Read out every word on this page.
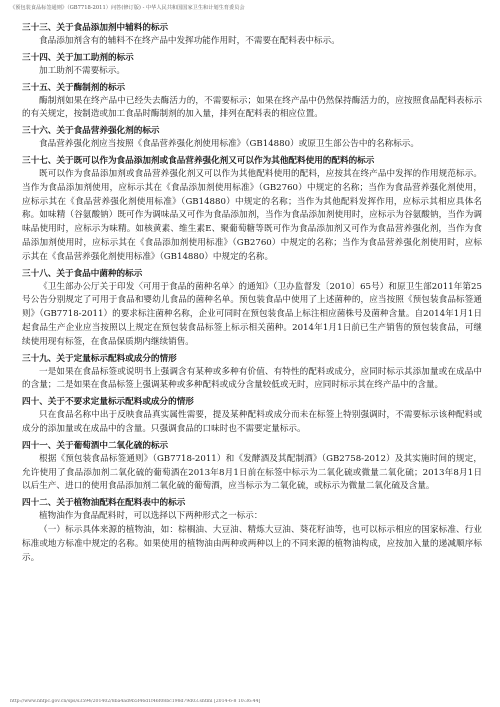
《预包装食品标签通则》（GB7718-2011）问答(修订版) - 中华人民共和国国家卫生和计划生育委员会
三十三、关于食品添加剂中辅料的标示

食品添加剂含有的辅料不在终产品中发挥功能作用时，不需要在配料表中标示。

三十四、关于加工助剂的标示

加工助剂不需要标示。

三十五、关于酶制剂的标示

酶制剂如果在终产品中已经失去酶活力的，不需要标示；如果在终产品中仍然保持酶活力的，应按照食品配料表标示的有关规定，按制造或加工食品时酶制剂的加入量，排列在配料表的相应位置。

三十六、关于食品营养强化剂的标示

食品营养强化剂应当按照《食品营养强化剂使用标准》（GB14880）或原卫生部公告中的名称标示。

三十七、关于既可以作为食品添加剂或食品营养强化剂又可以作为其他配料使用的配料的标示

既可以作为食品添加剂或食品营养强化剂又可以作为其他配料使用的配料，应按其在终产品中发挥的作用规范标示。当作为食品添加剂使用，应标示其在《食品添加剂使用标准》（GB2760）中规定的名称；当作为食品营养强化剂使用，应标示其在《食品营养强化剂使用标准》（GB14880）中规定的名称；当作为其他配料发挥作用，应标示其相应具体名称。如味精（谷氨酸钠）既可作为调味品又可作为食品添加剂，当作为食品添加剂使用时，应标示为谷氨酸钠，当作为调味品使用时，应标示为味精。如核黄素、维生素E、聚葡萄糖等既可作为食品添加剂又可作为食品营养强化剂，当作为食品添加剂使用时，应标示其在《食品添加剂使用标准》（GB2760）中规定的名称；当作为食品营养强化剂使用时，应标示其在《食品营养强化剂使用标准》（GB14880）中规定的名称。

三十八、关于食品中菌种的标示

《卫生部办公厅关于印发〈可用于食品的菌种名单〉的通知》（卫办监督发〔2010〕65号）和原卫生部2011年第25号公告分别规定了可用于食品和婴幼儿食品的菌种名单。预包装食品中使用了上述菌种的，应当按照《预包装食品标签通则》（GB7718-2011）的要求标注菌种名称，企业可同时在预包装食品上标注相应菌株号及菌种含量。自2014年1月1日起食品生产企业应当按照以上规定在预包装食品标签上标示相关菌种。2014年1月1日前已生产销售的预包装食品，可继续使用现有标签，在食品保质期内继续销售。

三十九、关于定量标示配料或成分的情形

一是如果在食品标签或说明书上强调含有某种或多种有价值、有特性的配料或成分，应同时标示其添加量或在成品中的含量；二是如果在食品标签上强调某种或多种配料或成分含量较低或无时，应同时标示其在终产品中的含量。

四十、关于不要求定量标示配料或成分的情形

只在食品名称中出于反映食品真实属性需要，提及某种配料或成分而未在标签上特别强调时，不需要标示该种配料或成分的添加量或在成品中的含量。只强调食品的口味时也不需要定量标示。

四十一、关于葡萄酒中二氧化硫的标示

根据《预包装食品标签通则》（GB7718-2011）和《发酵酒及其配制酒》（GB2758-2012）及其实施时间的规定，允许使用了食品添加剂二氧化硫的葡萄酒在2013年8月1日前在标签中标示为二氧化硫或微量二氧化硫；2013年8月1日以后生产、进口的使用食品添加剂二氧化硫的葡萄酒，应当标示为二氧化硫，或标示为微量二氧化硫及含量。

四十二、关于植物油配料在配料表中的标示

植物油作为食品配料时，可以选择以下两种形式之一标示：

（一）标示具体来源的植物油，如：棕榈油、大豆油、精炼大豆油、葵花籽油等，也可以标示相应的国家标准、行业标准或地方标准中规定的名称。如果使用的植物油由两种或两种以上的不同来源的植物油构成，应按加入量的递减顺序标示。

http://www.nhfpc.gov.cn/sps/s3594/201402/8ba4ad9b5f46d1f46f08bc198d79d03.shtml [2014-6-8 10:36:44]
